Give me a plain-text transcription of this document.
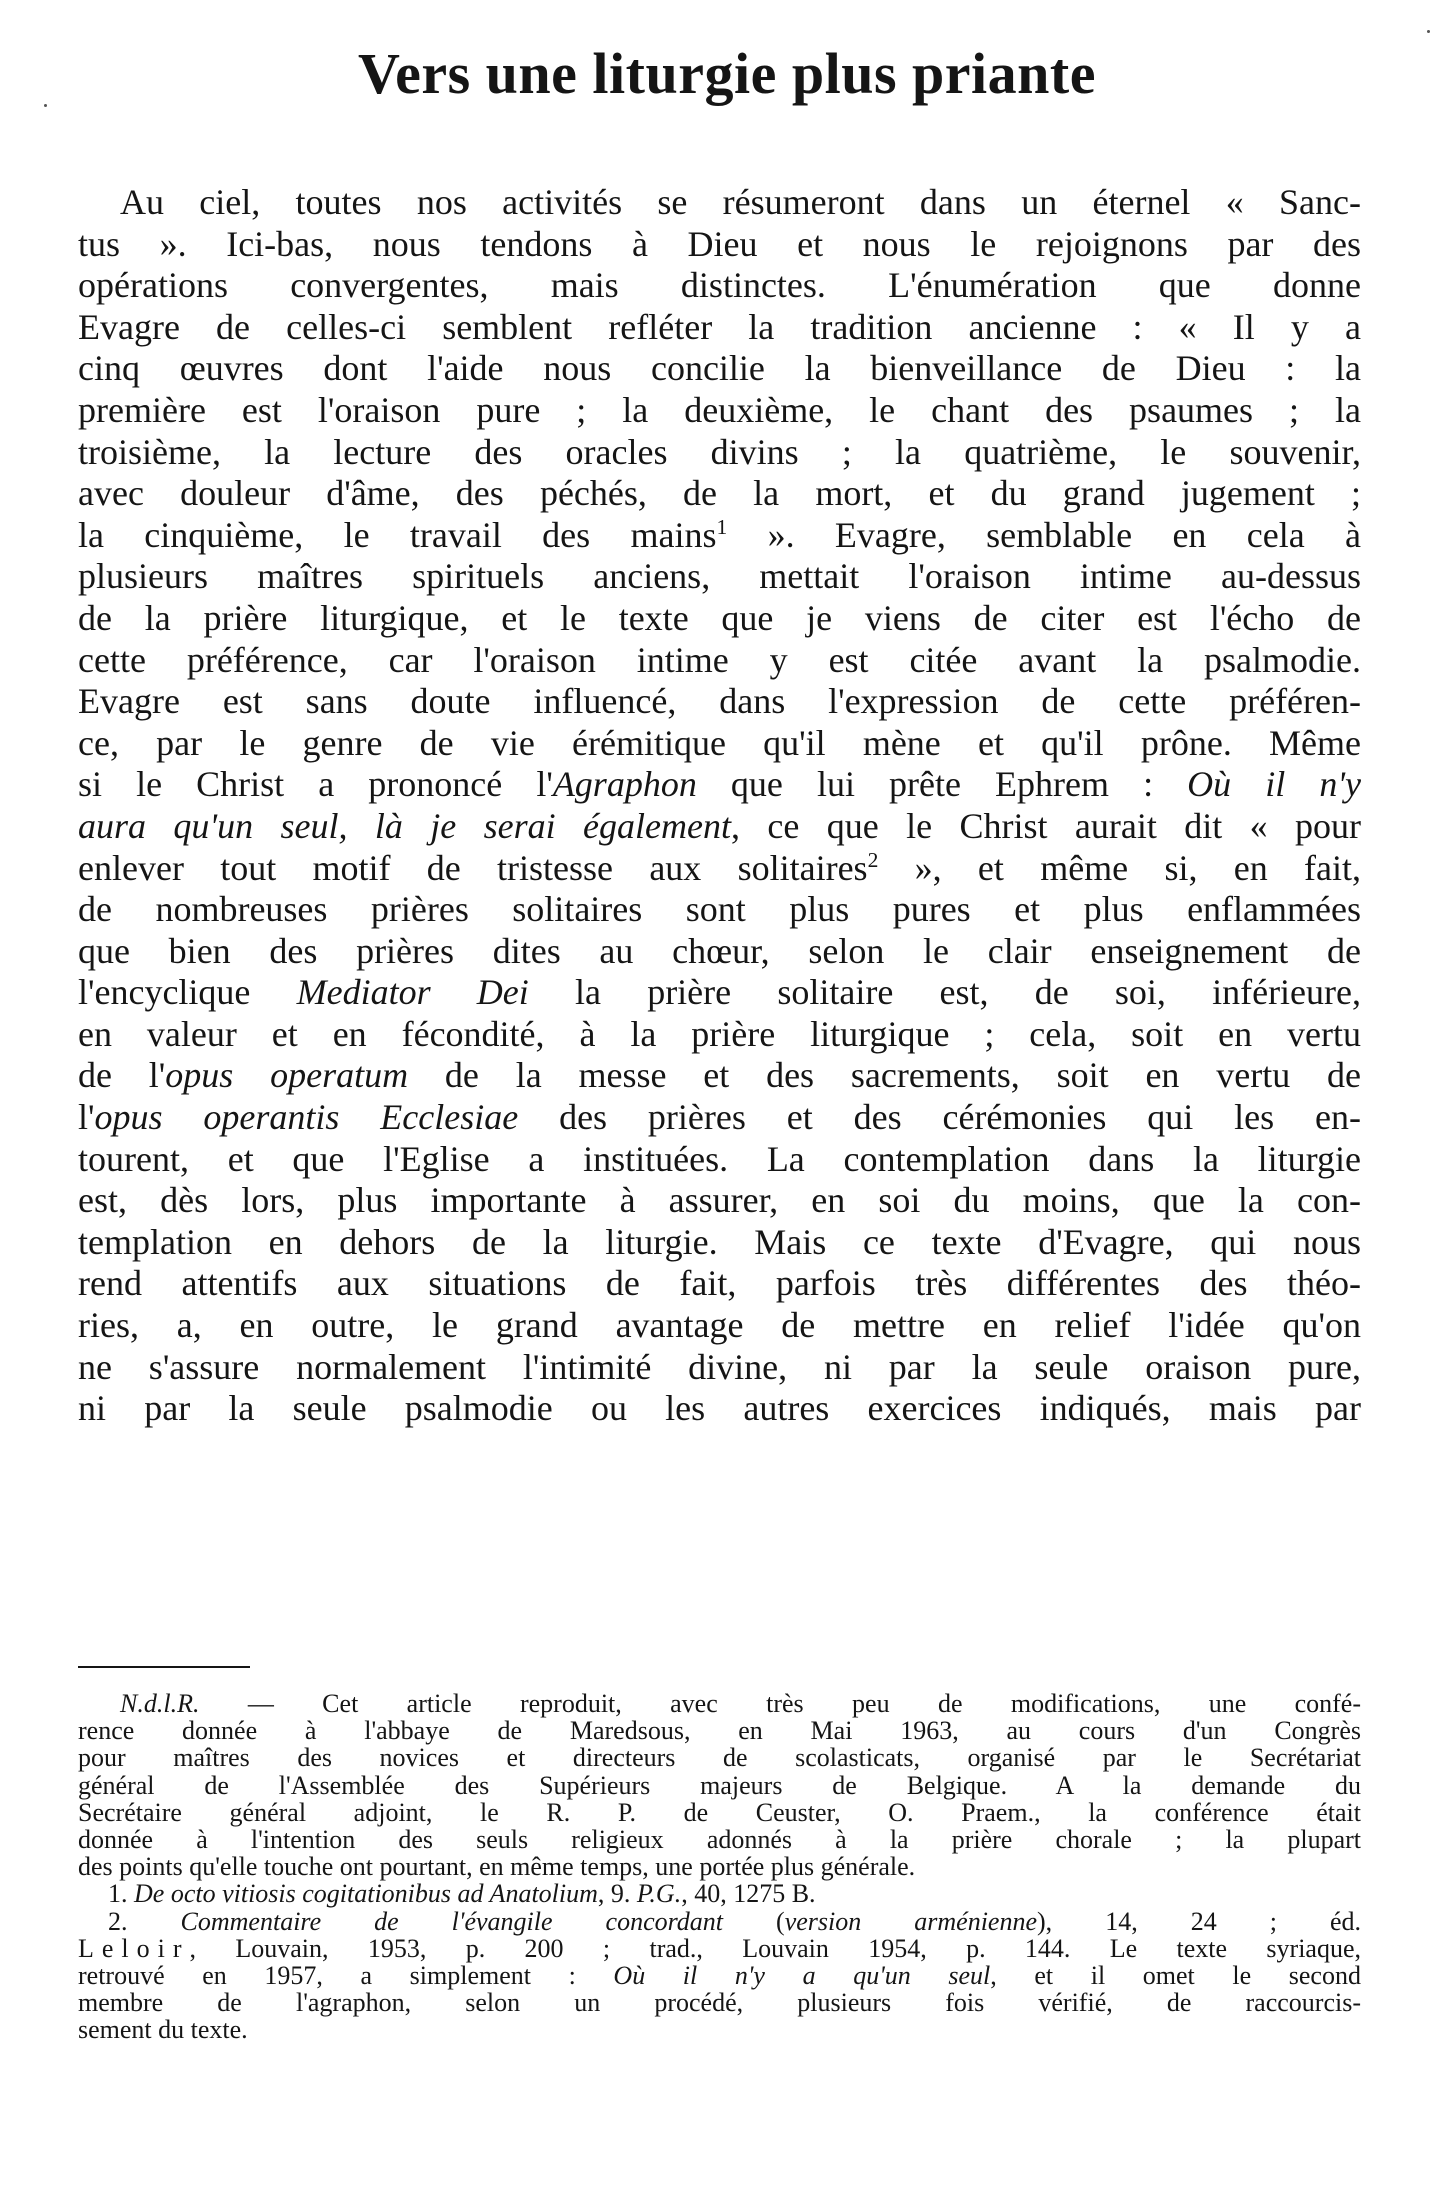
Vers une liturgie plus priante
Au ciel, toutes nos activités se résumeront dans un éternel « Sanc-
tus ». Ici-bas, nous tendons à Dieu et nous le rejoignons par des
opérations convergentes, mais distinctes. L'énumération que donne
Evagre de celles-ci semblent refléter la tradition ancienne : « Il y a
cinq œuvres dont l'aide nous concilie la bienveillance de Dieu : la
première est l'oraison pure ; la deuxième, le chant des psaumes ; la
troisième, la lecture des oracles divins ; la quatrième, le souvenir,
avec douleur d'âme, des péchés, de la mort, et du grand jugement ;
la cinquième, le travail des mains$^1$ ». Evagre, semblable en cela à
plusieurs maîtres spirituels anciens, mettait l'oraison intime au-dessus
de la prière liturgique, et le texte que je viens de citer est l'écho de
cette préférence, car l'oraison intime y est citée avant la psalmodie.
Evagre est sans doute influencé, dans l'expression de cette préféren-
ce, par le genre de vie érémitique qu'il mène et qu'il prône. Même
si le Christ a prononcé l'Agraphon que lui prête Ephrem : Où il n'y
aura qu'un seul, là je serai également, ce que le Christ aurait dit « pour
enlever tout motif de tristesse aux solitaires$^2$ », et même si, en fait,
de nombreuses prières solitaires sont plus pures et plus enflammées
que bien des prières dites au chœur, selon le clair enseignement de
l'encyclique Mediator Dei la prière solitaire est, de soi, inférieure,
en valeur et en fécondité, à la prière liturgique ; cela, soit en vertu
de l'opus operatum de la messe et des sacrements, soit en vertu de
l'opus operantis Ecclesiae des prières et des cérémonies qui les en-
tourent, et que l'Eglise a instituées. La contemplation dans la liturgie
est, dès lors, plus importante à assurer, en soi du moins, que la con-
templation en dehors de la liturgie. Mais ce texte d'Evagre, qui nous
rend attentifs aux situations de fait, parfois très différentes des théo-
ries, a, en outre, le grand avantage de mettre en relief l'idée qu'on
ne s'assure normalement l'intimité divine, ni par la seule oraison pure,
ni par la seule psalmodie ou les autres exercices indiqués, mais par
N.d.l.R. — Cet article reproduit, avec très peu de modifications, une confé-
rence donnée à l'abbaye de Maredsous, en Mai 1963, au cours d'un Congrès
pour maîtres des novices et directeurs de scolasticats, organisé par le Secrétariat
général de l'Assemblée des Supérieurs majeurs de Belgique. A la demande du
Secrétaire général adjoint, le R. P. de Ceuster, O. Praem., la conférence était
donnée à l'intention des seuls religieux adonnés à la prière chorale ; la plupart
des points qu'elle touche ont pourtant, en même temps, une portée plus générale.
1. De octo vitiosis cogitationibus ad Anatolium, 9. P.G., 40, 1275 B.
2. Commentaire de l'évangile concordant (version arménienne), 14, 24 ; éd.
Leloir, Louvain, 1953, p. 200 ; trad., Louvain 1954, p. 144. Le texte syriaque,
retrouvé en 1957, a simplement : Où il n'y a qu'un seul, et il omet le second
membre de l'agraphon, selon un procédé, plusieurs fois vérifié, de raccourcis-
sement du texte.
